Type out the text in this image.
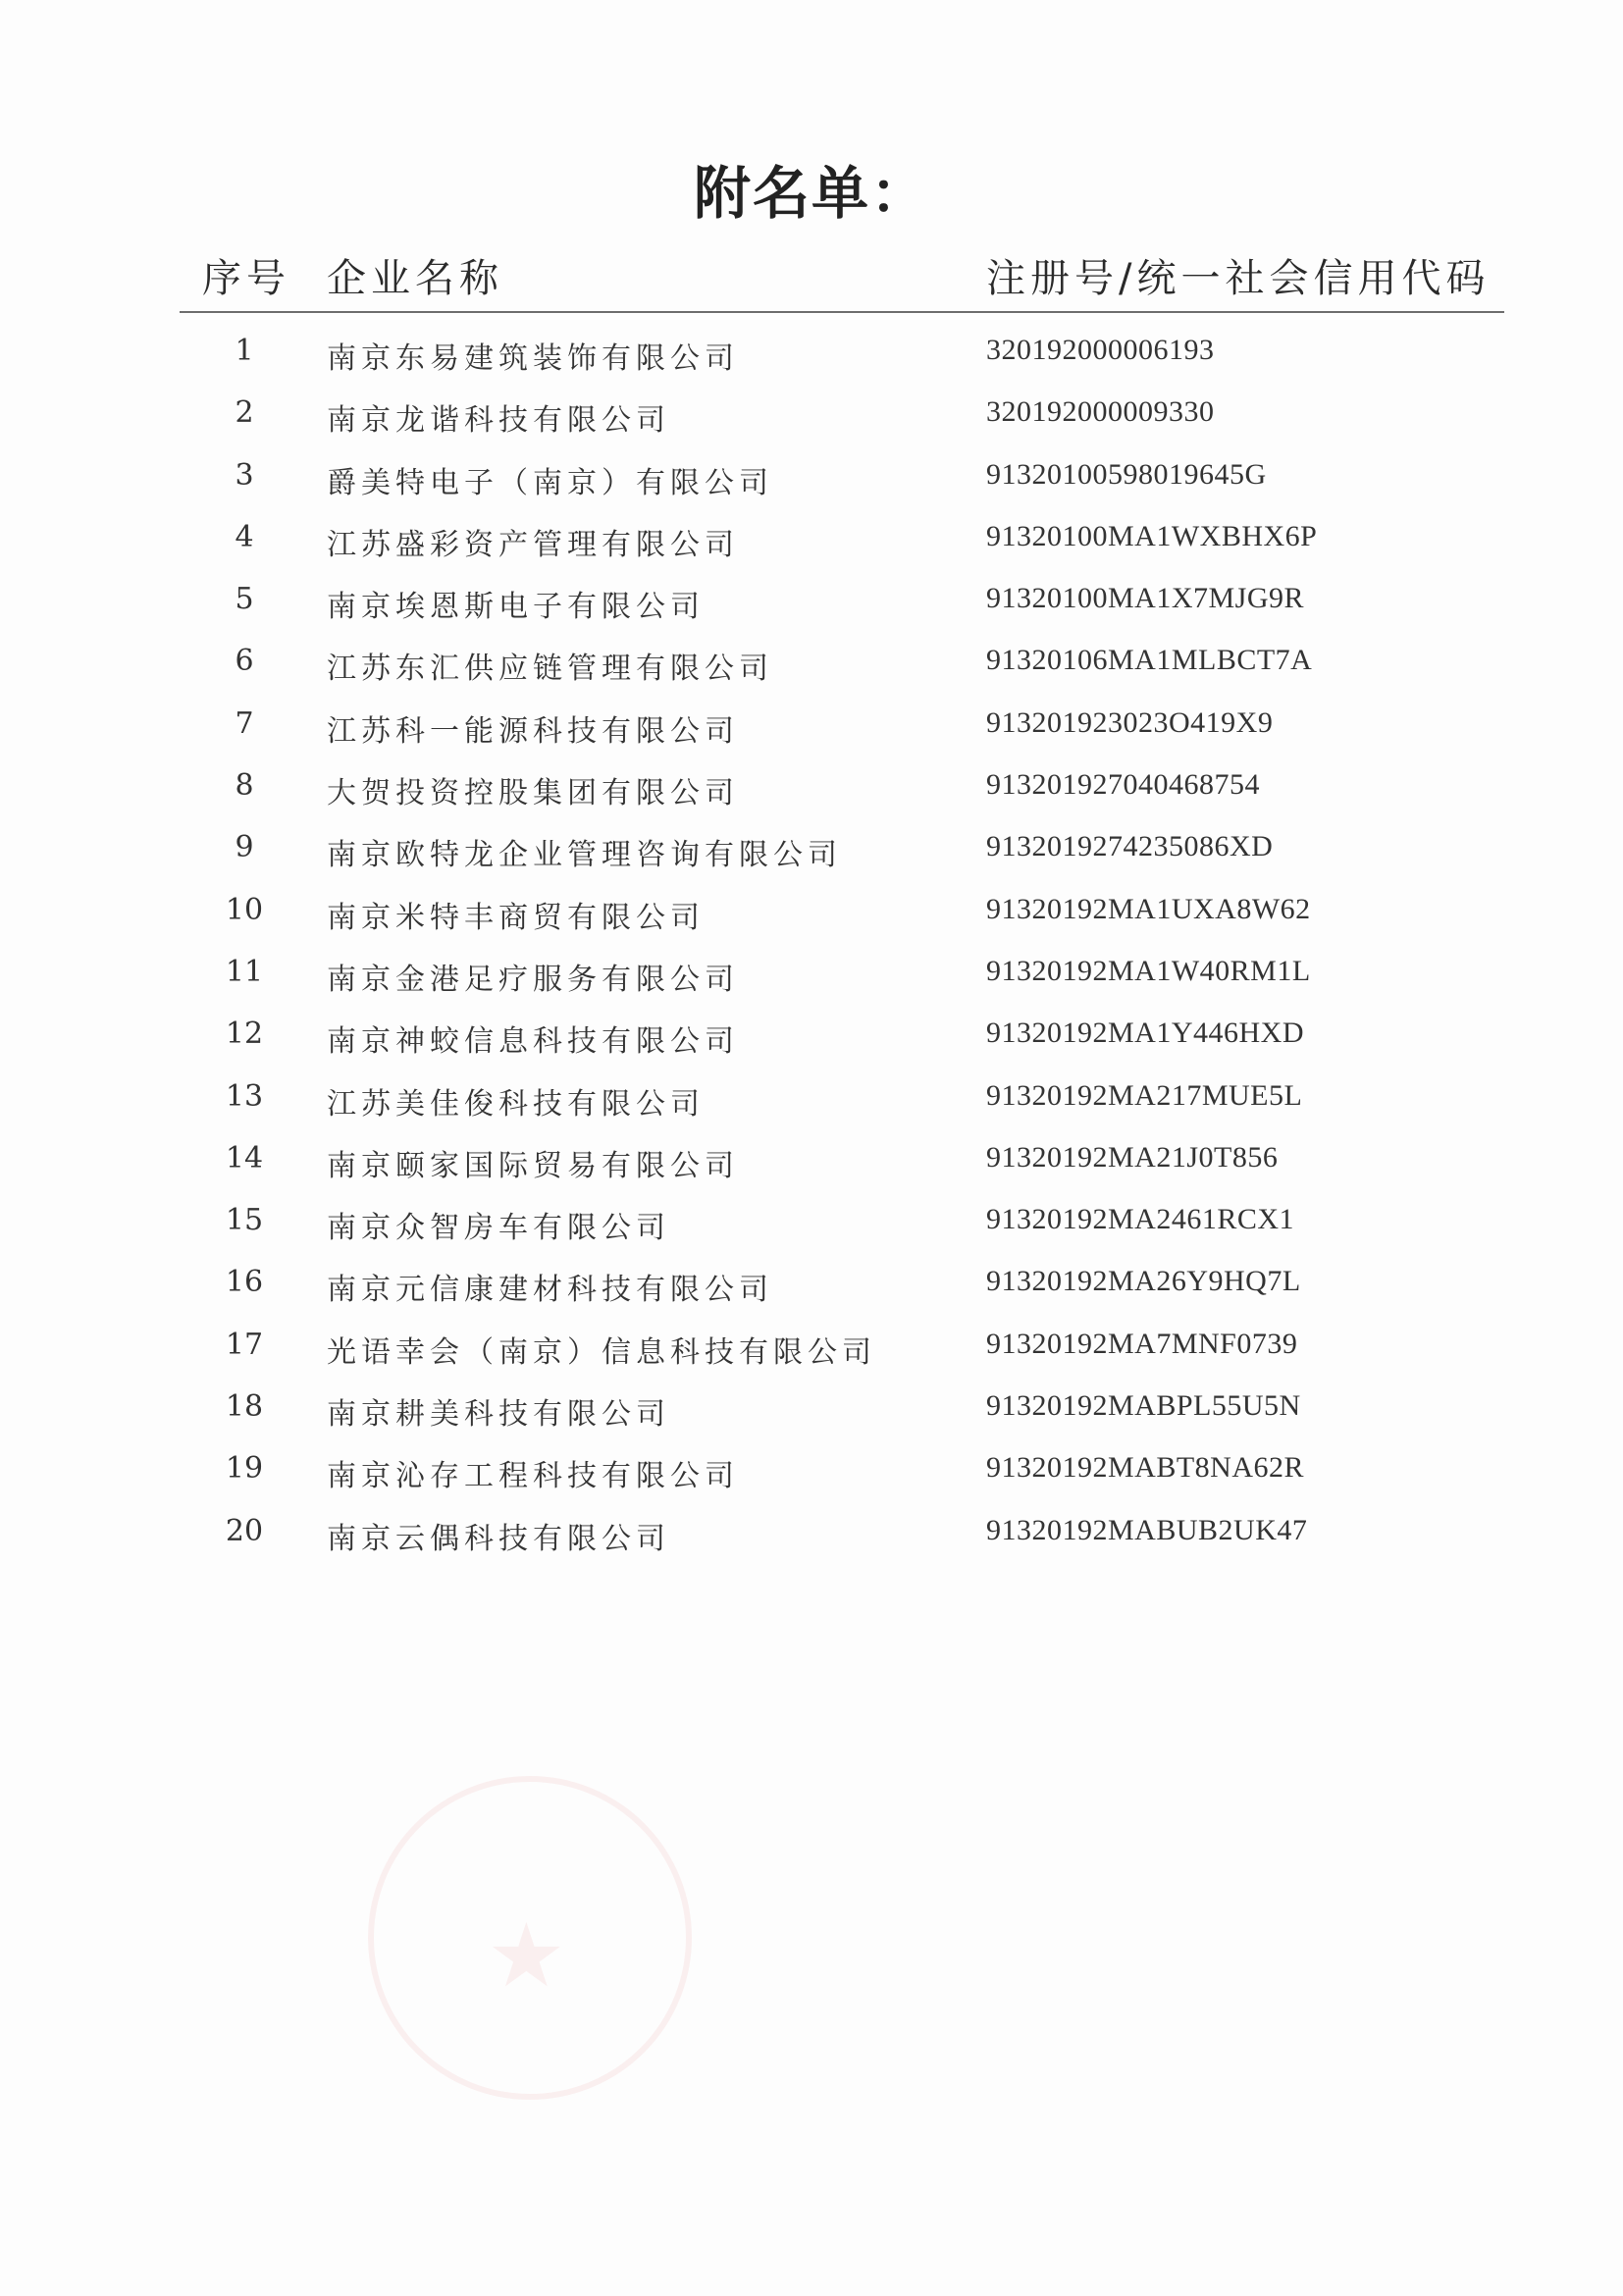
附名单：
序号 企业名称	注册号/统一社会信用代码
1	南京东易建筑装饰有限公司	320192000006193
2	南京龙谐科技有限公司	320192000009330
3	爵美特电子（南京）有限公司	91320100598019645G
4	江苏盛彩资产管理有限公司	91320100MA1WXBHX6P
5	南京埃恩斯电子有限公司	91320100MA1X7MJG9R
6	江苏东汇供应链管理有限公司	91320106MA1MLBCT7A
7	江苏科一能源科技有限公司	913201923023O419X9
8	大贺投资控股集团有限公司	913201927040468754
9	南京欧特龙企业管理咨询有限公司	9132019274235086XD
10	南京米特丰商贸有限公司	91320192MA1UXA8W62
11	南京金港足疗服务有限公司	91320192MA1W40RM1L
12	南京神蛟信息科技有限公司	91320192MA1Y446HXD
13	江苏美佳俊科技有限公司	91320192MA217MUE5L
14	南京颐家国际贸易有限公司	91320192MA21J0T856
15	南京众智房车有限公司	91320192MA2461RCX1
16	南京元信康建材科技有限公司	91320192MA26Y9HQ7L
17	光语幸会（南京）信息科技有限公司	91320192MA7MNF0739
18	南京耕美科技有限公司	91320192MABPL55U5N
19	南京沁存工程科技有限公司	91320192MABT8NA62R
20	南京云偶科技有限公司	91320192MABUB2UK47
★
